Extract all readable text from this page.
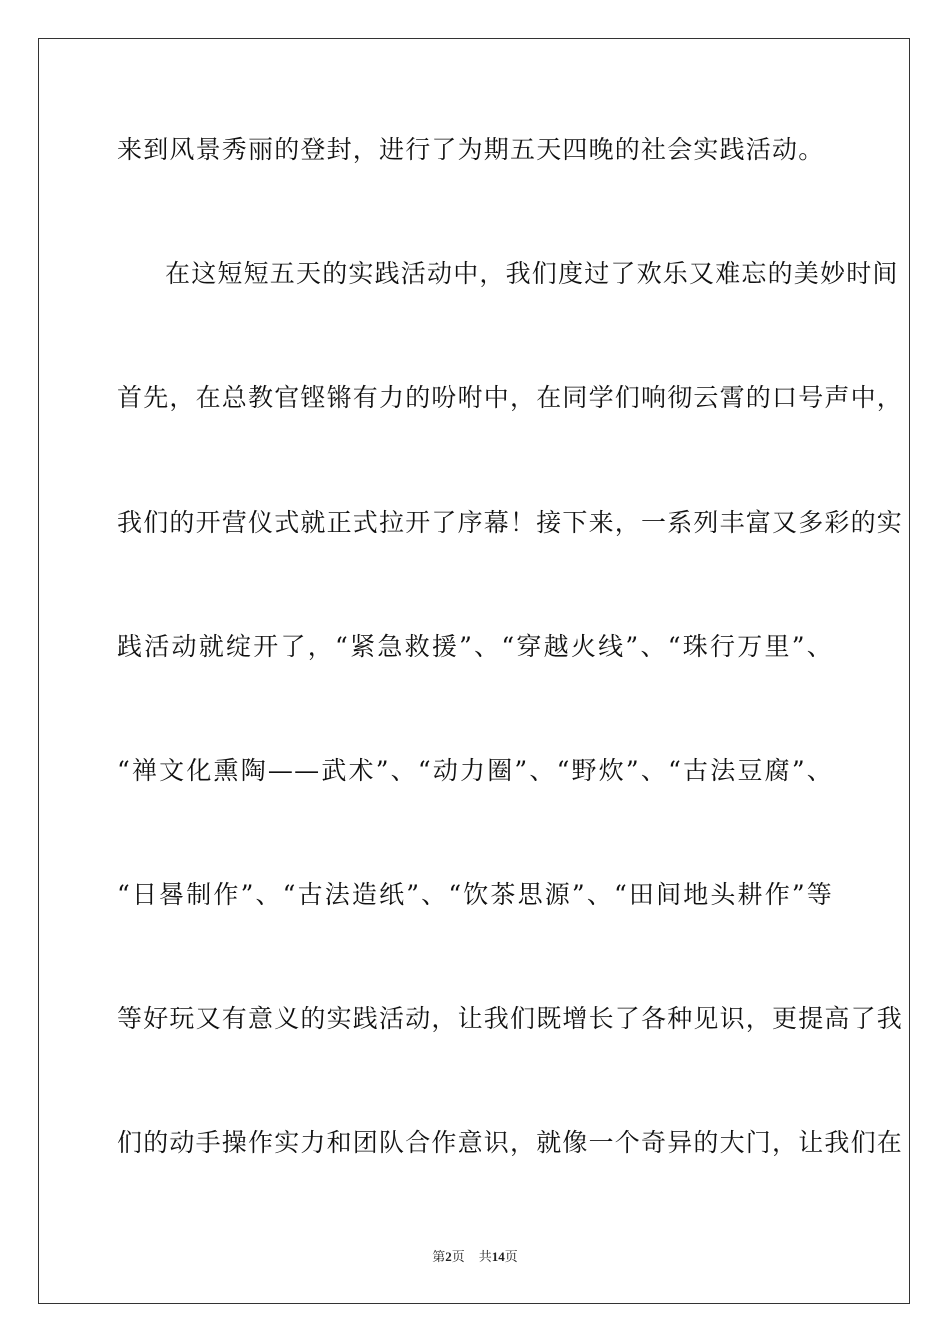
来到风景秀丽的登封，进行了为期五天四晚的社会实践活动。
在这短短五天的实践活动中，我们度过了欢乐又难忘的美妙时间
首先，在总教官铿锵有力的吩咐中，在同学们响彻云霄的口号声中，
我们的开营仪式就正式拉开了序幕！接下来，一系列丰富又多彩的实
践活动就绽开了，“紧急救援”、“穿越火线”、“珠行万里”、
“禅文化熏陶——武术”、“动力圈”、“野炊”、“古法豆腐”、
“日晷制作”、“古法造纸”、“饮茶思源”、“田间地头耕作”等
等好玩又有意义的实践活动，让我们既增长了各种见识，更提高了我
们的动手操作实力和团队合作意识，就像一个奇异的大门，让我们在
第2页 共14页
